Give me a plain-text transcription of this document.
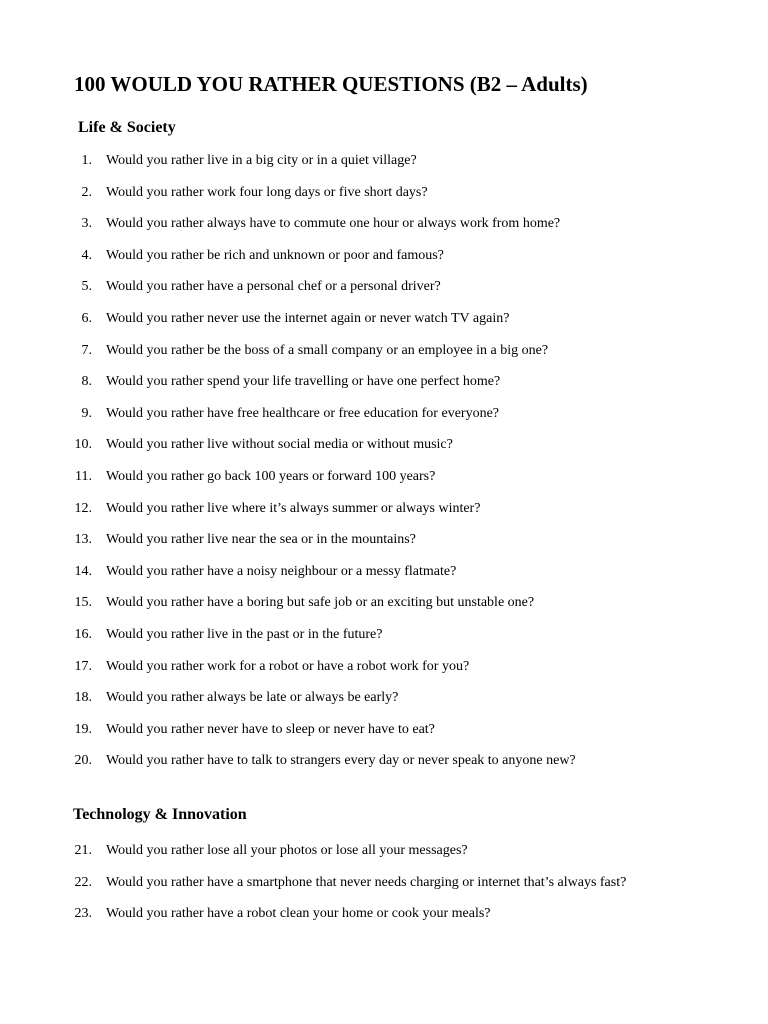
100 WOULD YOU RATHER QUESTIONS (B2 – Adults)
Life & Society
1.	Would you rather live in a big city or in a quiet village?
2.	Would you rather work four long days or five short days?
3.	Would you rather always have to commute one hour or always work from home?
4.	Would you rather be rich and unknown or poor and famous?
5.	Would you rather have a personal chef or a personal driver?
6.	Would you rather never use the internet again or never watch TV again?
7.	Would you rather be the boss of a small company or an employee in a big one?
8.	Would you rather spend your life travelling or have one perfect home?
9.	Would you rather have free healthcare or free education for everyone?
10.	Would you rather live without social media or without music?
11.	Would you rather go back 100 years or forward 100 years?
12.	Would you rather live where it’s always summer or always winter?
13.	Would you rather live near the sea or in the mountains?
14.	Would you rather have a noisy neighbour or a messy flatmate?
15.	Would you rather have a boring but safe job or an exciting but unstable one?
16.	Would you rather live in the past or in the future?
17.	Would you rather work for a robot or have a robot work for you?
18.	Would you rather always be late or always be early?
19.	Would you rather never have to sleep or never have to eat?
20.	Would you rather have to talk to strangers every day or never speak to anyone new?
Technology & Innovation
21.	Would you rather lose all your photos or lose all your messages?
22.	Would you rather have a smartphone that never needs charging or internet that’s always fast?
23.	Would you rather have a robot clean your home or cook your meals?
